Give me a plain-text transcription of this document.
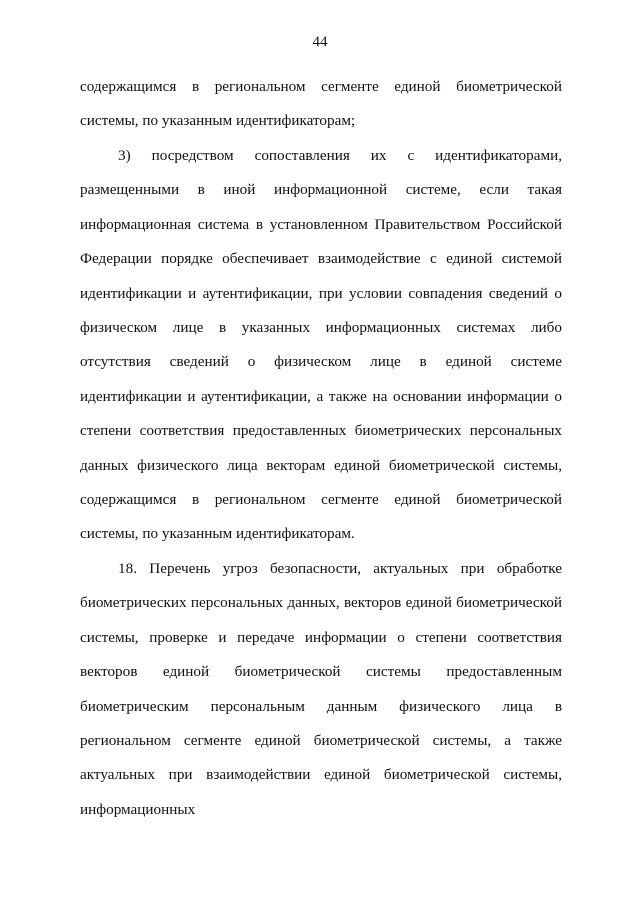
44

содержащимся в региональном сегменте единой биометрической системы, по указанным идентификаторам;

3) посредством сопоставления их с идентификаторами, размещенными в иной информационной системе, если такая информационная система в установленном Правительством Российской Федерации порядке обеспечивает взаимодействие с единой системой идентификации и аутентификации, при условии совпадения сведений о физическом лице в указанных информационных системах либо отсутствия сведений о физическом лице в единой системе идентификации и аутентификации, а также на основании информации о степени соответствия предоставленных биометрических персональных данных физического лица векторам единой биометрической системы, содержащимся в региональном сегменте единой биометрической системы, по указанным идентификаторам.

18. Перечень угроз безопасности, актуальных при обработке биометрических персональных данных, векторов единой биометрической системы, проверке и передаче информации о степени соответствия векторов единой биометрической системы предоставленным биометрическим персональным данным физического лица в региональном сегменте единой биометрической системы, а также актуальных при взаимодействии единой биометрической системы, информационных
